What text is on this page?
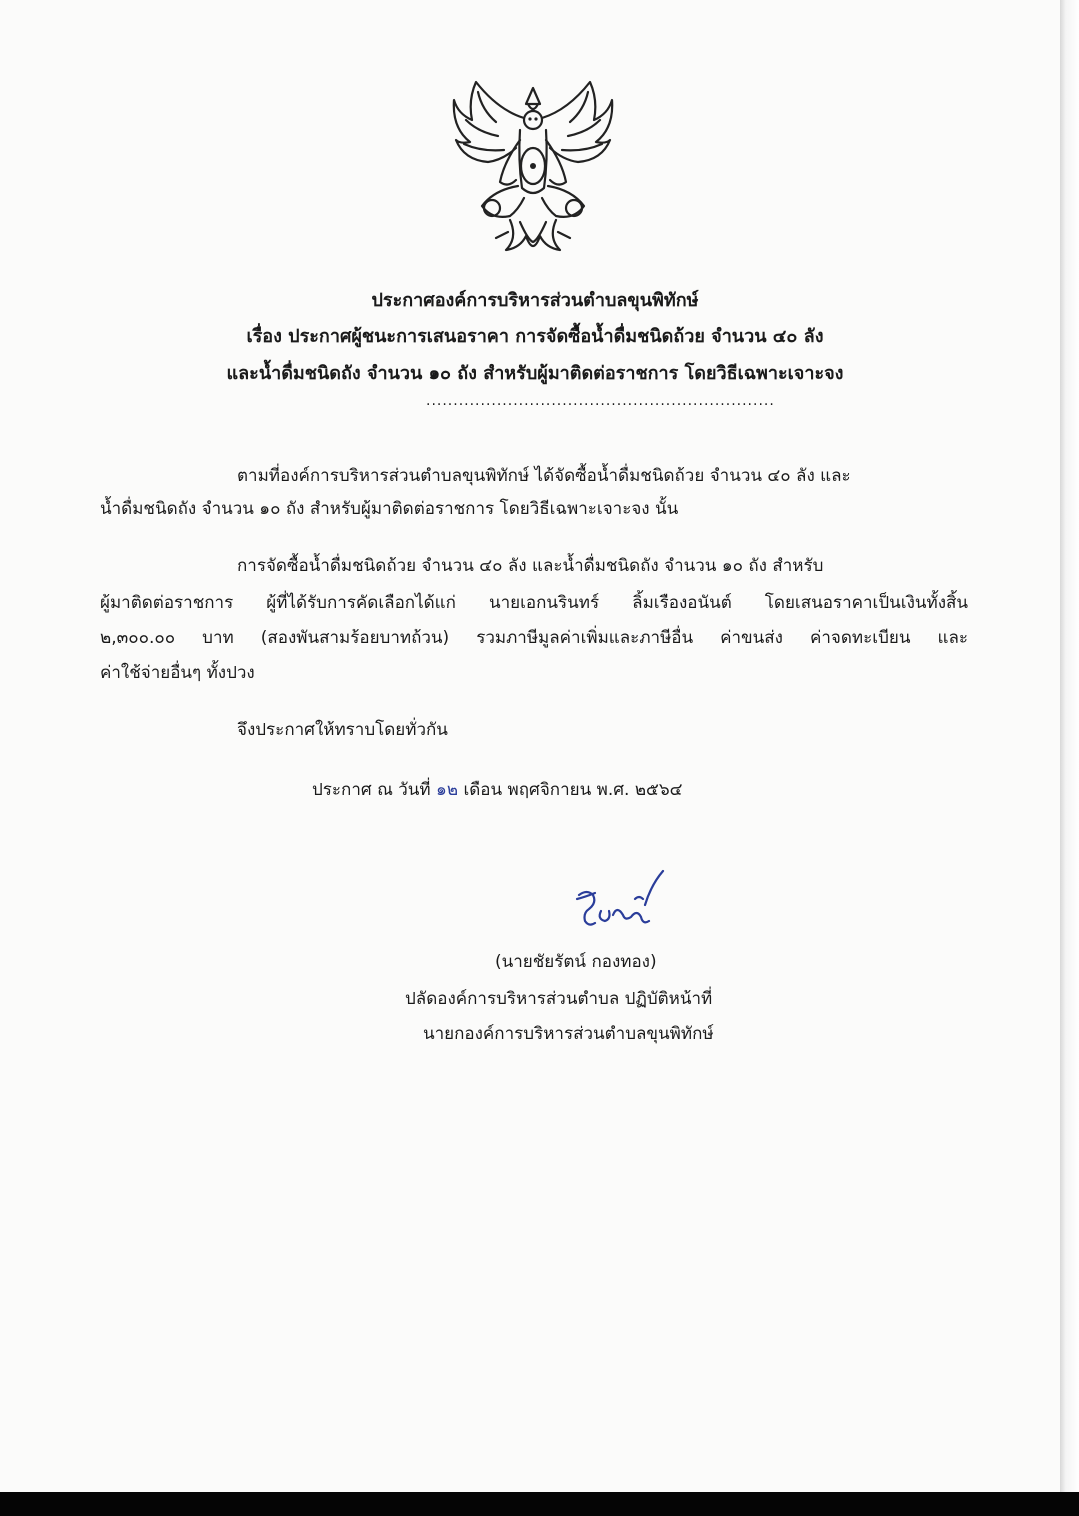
ประกาศองค์การบริหารส่วนตำบลขุนพิทักษ์
เรื่อง ประกาศผู้ชนะการเสนอราคา การจัดซื้อน้ำดื่มชนิดถ้วย จำนวน ๔๐ ลัง
และน้ำดื่มชนิดถัง จำนวน ๑๐ ถัง สำหรับผู้มาติดต่อราชการ โดยวิธีเฉพาะเจาะจง
................................................................
ตามที่องค์การบริหารส่วนตำบลขุนพิทักษ์ ได้จัดซื้อน้ำดื่มชนิดถ้วย จำนวน ๔๐ ลัง และ
น้ำดื่มชนิดถัง จำนวน ๑๐ ถัง สำหรับผู้มาติดต่อราชการ โดยวิธีเฉพาะเจาะจง นั้น
การจัดซื้อน้ำดื่มชนิดถ้วย จำนวน ๔๐ ลัง และน้ำดื่มชนิดถัง จำนวน ๑๐ ถัง สำหรับ
ผู้มาติดต่อราชการ ผู้ที่ได้รับการคัดเลือกได้แก่ นายเอกนรินทร์ ลิ้มเรืองอนันต์ โดยเสนอราคาเป็นเงินทั้งสิ้น
๒,๓๐๐.๐๐ บาท (สองพันสามร้อยบาทถ้วน) รวมภาษีมูลค่าเพิ่มและภาษีอื่น ค่าขนส่ง ค่าจดทะเบียน และ
ค่าใช้จ่ายอื่นๆ ทั้งปวง
จึงประกาศให้ทราบโดยทั่วกัน
ประกาศ ณ วันที่ ๑๒ เดือน พฤศจิกายน พ.ศ. ๒๕๖๔
(นายชัยรัตน์ กองทอง)
ปลัดองค์การบริหารส่วนตำบล ปฏิบัติหน้าที่
นายกองค์การบริหารส่วนตำบลขุนพิทักษ์
